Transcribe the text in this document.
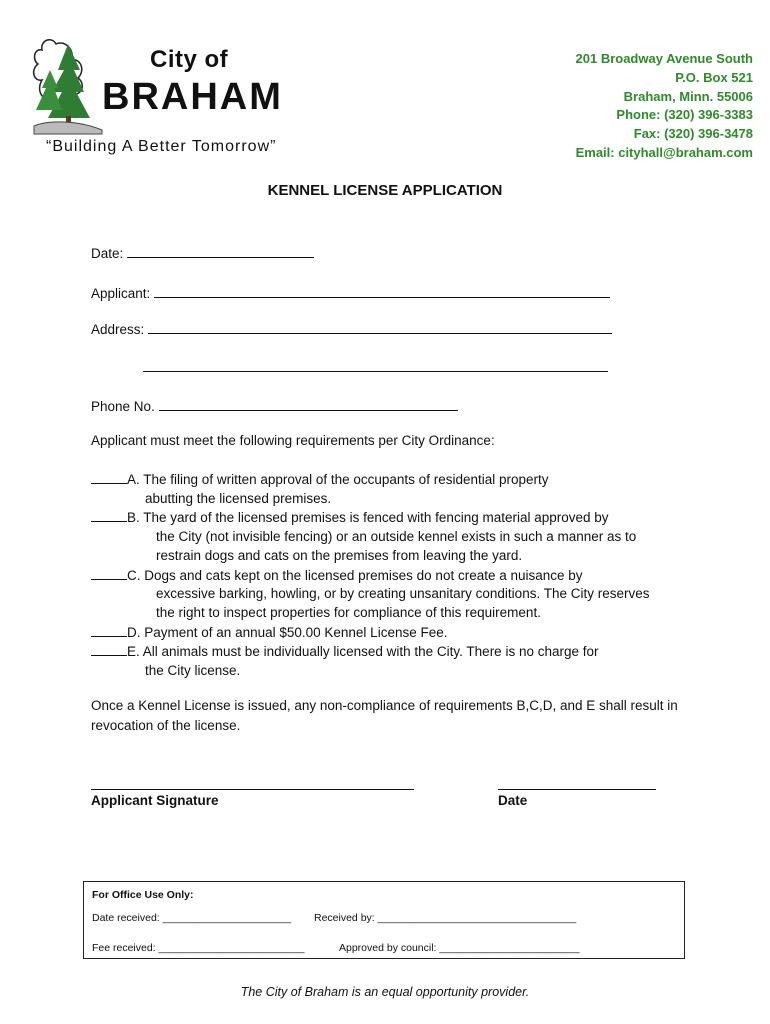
City of
BRAHAM
“Building A Better Tomorrow”
201 Broadway Avenue South
P.O. Box 521
Braham, Minn. 55006
Phone: (320) 396-3383
Fax: (320) 396-3478
Email: cityhall@braham.com
KENNEL LICENSE APPLICATION
Date:
Applicant:
Address:
Phone No.
Applicant must meet the following requirements per City Ordinance:
A. The filing of written approval of the occupants of residential property
abutting the licensed premises.
B. The yard of the licensed premises is fenced with fencing material approved by
the City (not invisible fencing) or an outside kennel exists in such a manner as to
restrain dogs and cats on the premises from leaving the yard.
C. Dogs and cats kept on the licensed premises do not create a nuisance by
excessive barking, howling, or by creating unsanitary conditions. The City reserves
the right to inspect properties for compliance of this requirement.
D. Payment of an annual $50.00 Kennel License Fee.
E. All animals must be individually licensed with the City. There is no charge for
the City license.
Once a Kennel License is issued, any non-compliance of requirements B,C,D, and E shall result in revocation of the license.
Applicant Signature	Date
For Office Use Only:
Date received: ______________________ Received by: __________________________________
Fee received: _________________________	Approved by council: ________________________
The City of Braham is an equal opportunity provider.
